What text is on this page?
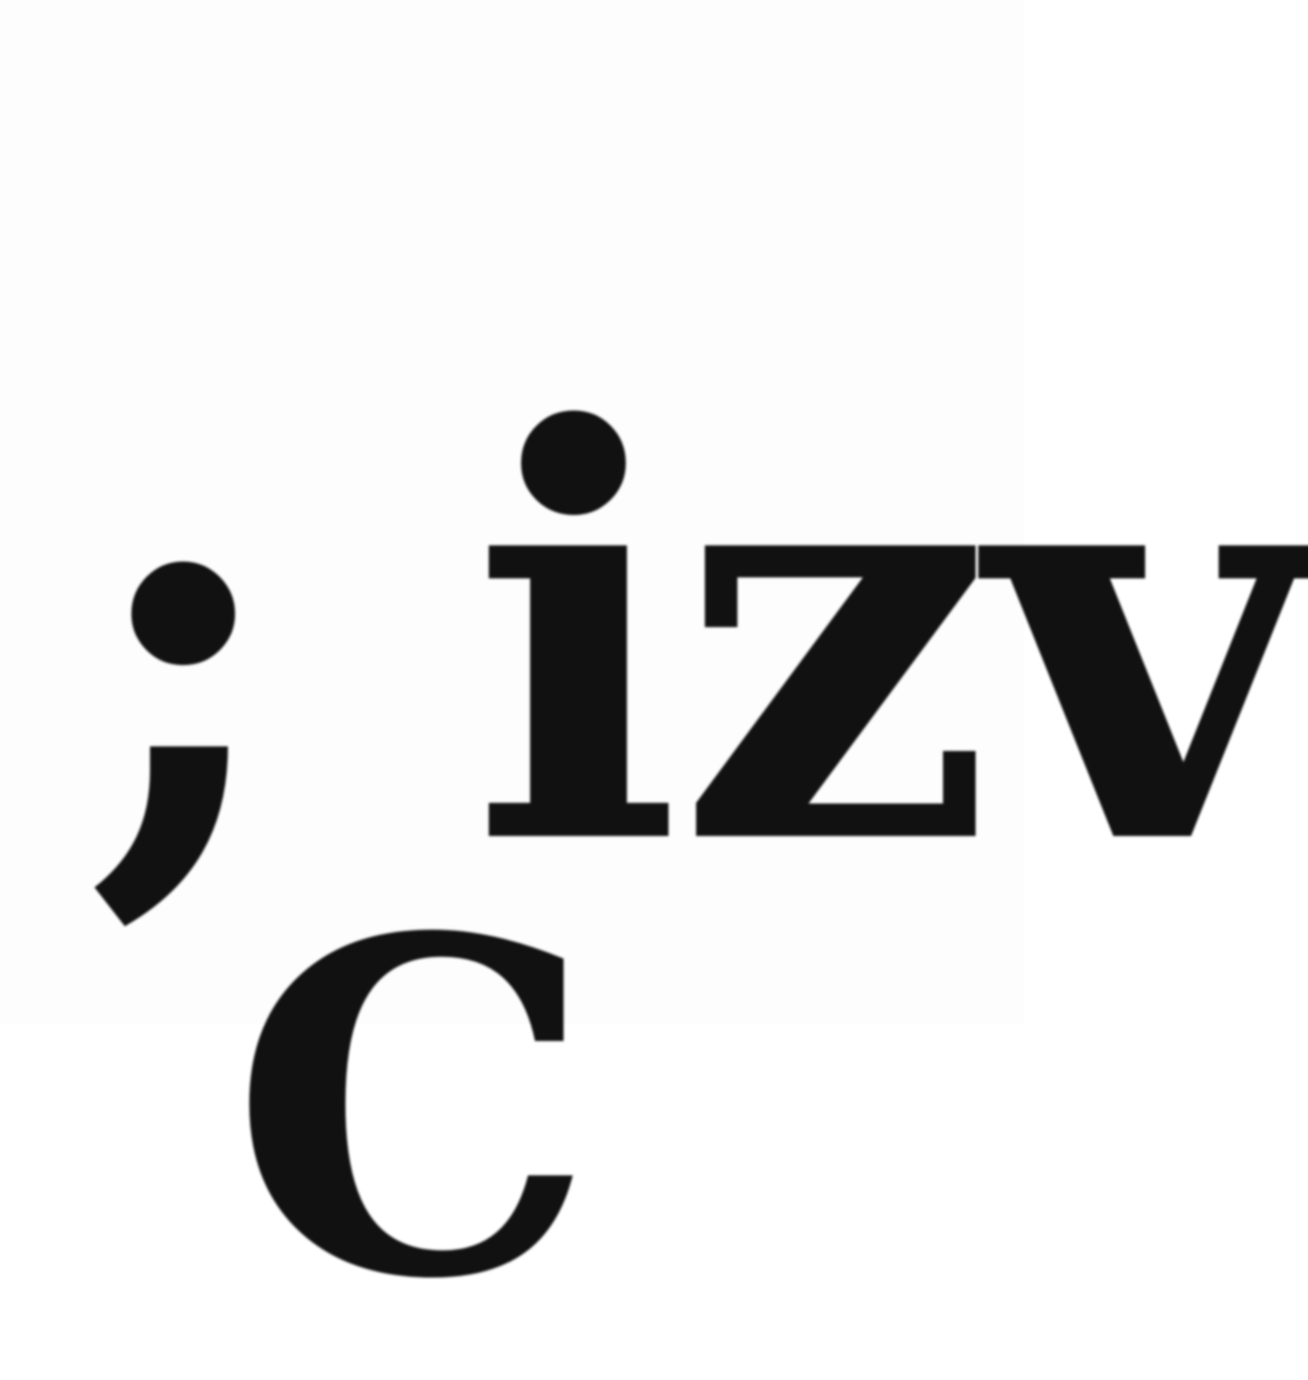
; izv
C
